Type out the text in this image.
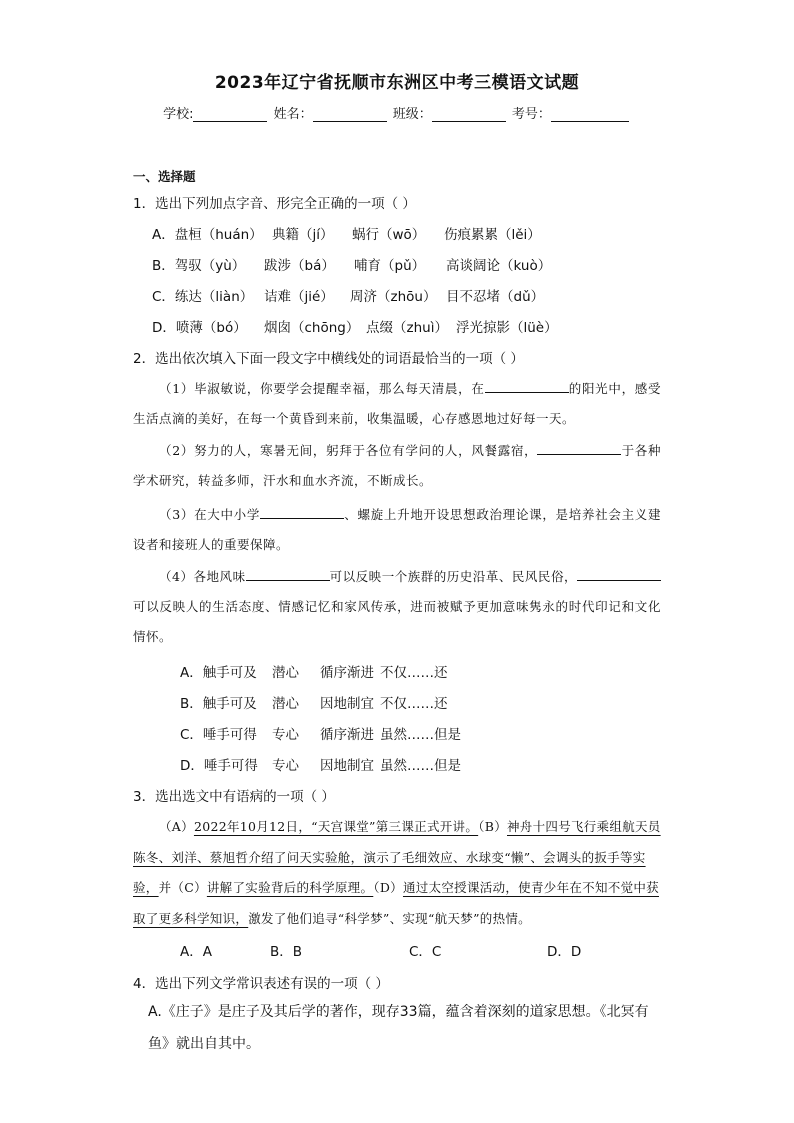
2023年辽宁省抚顺市东洲区中考三模语文试题
学校:	姓名：	班级：	考号：
一、选择题
1．选出下列加点字音、形完全正确的一项（ ）
A．盘桓（huán） 典籍（jí） 蜗行（wō） 伤痕累累（lěi）
B．驾驭（yù） 跋涉（bá） 哺育（pǔ） 高谈阔论（kuò）
C．练达（liàn） 诘难（jié） 周济（zhōu） 目不忍堵（dǔ）
D．喷薄（bó） 烟囱（chōng） 点缀（zhuì） 浮光掠影（lüè）
2．选出依次填入下面一段文字中横线处的词语最恰当的一项（ ）
（1）毕淑敏说，你要学会提醒幸福，那么每天清晨，在	的阳光中，感受生活点滴的美好，在每一个黄昏到来前，收集温暖，心存感恩地过好每一天。
（2）努力的人，寒暑无间，躬拜于各位有学问的人，风餐露宿，	于各种学术研究，转益多师，汗水和血水齐流，不断成长。
（3）在大中小学	、螺旋上升地开设思想政治理论课，是培养社会主义建设者和接班人的重要保障。
（4）各地风味	可以反映一个族群的历史沿革、民风民俗，可以反映人的生活态度、情感记忆和家风传承，进而被赋予更加意味隽永的时代印记和文化情怀。
A．触手可及 潜心 循序渐进 不仅……还
B．触手可及 潜心 因地制宜 不仅……还
C．唾手可得 专心 循序渐进 虽然……但是
D．唾手可得 专心 因地制宜 虽然……但是
3．选出选文中有语病的一项（ ）
（A）2022年10月12日，“天宫课堂”第三课正式开讲。（B）神舟十四号飞行乘组航天员陈冬、刘洋、蔡旭哲介绍了问天实验舱，演示了毛细效应、水球变“懒”、会调头的扳手等实验，并（C）讲解了实验背后的科学原理。（D）通过太空授课活动，使青少年在不知不觉中获取了更多科学知识，激发了他们追寻“科学梦”、实现“航天梦”的热情。
A．A	B．B	C．C	D．D
4．选出下列文学常识表述有误的一项（ ）
A.《庄子》是庄子及其后学的著作，现存33篇，蕴含着深刻的道家思想。《北冥有鱼》就出自其中。
